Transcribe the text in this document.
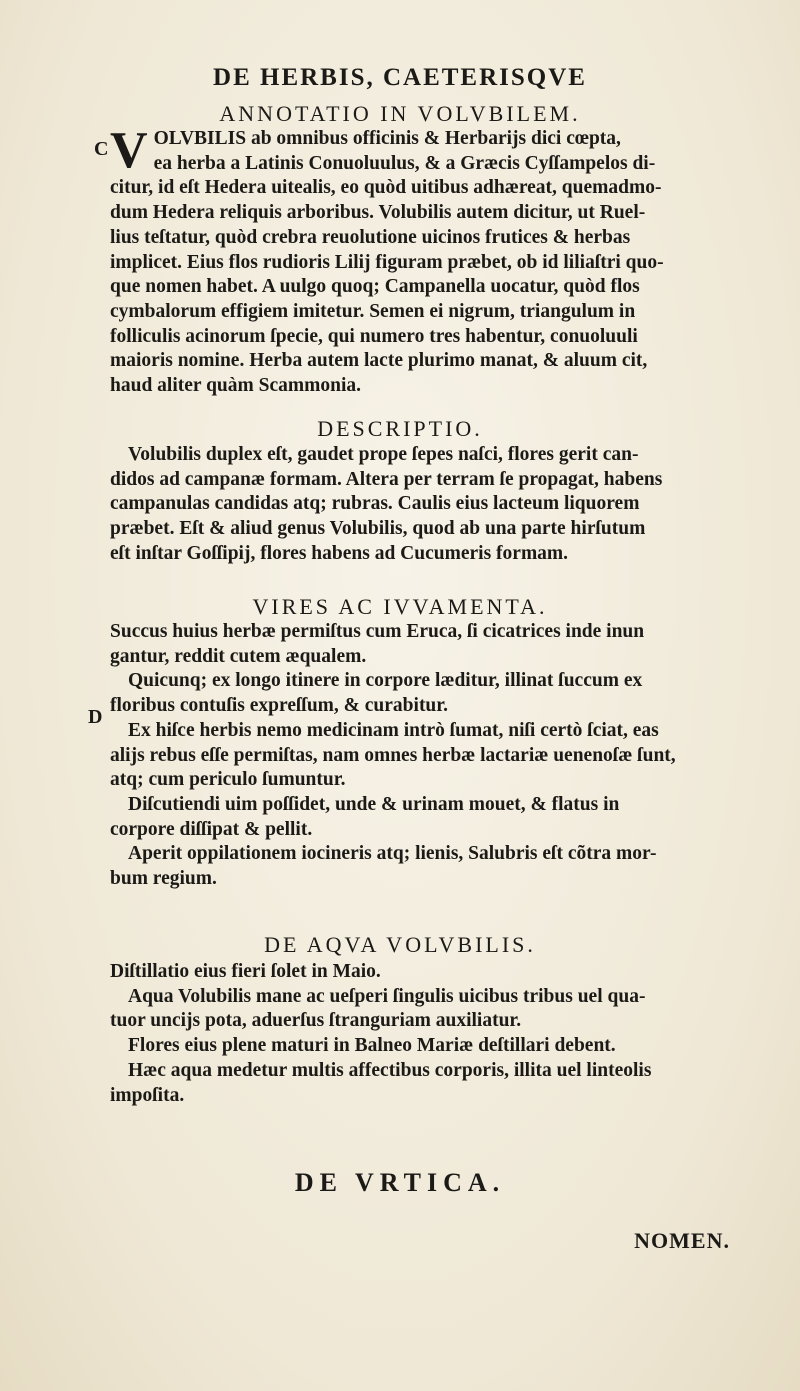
DE HERBIS, CAETERISQVE
ANNOTATIO IN VOLVBILEM.
C V OLVBILIS ab omnibus officinis & Herbarijs dici cœpta,
ea herba a Latinis Conuoluulus, & a Græcis Cyſſampelos di-
citur, id eſt Hedera uitealis, eo quòd uitibus adhæreat, quemadmo-
dum Hedera reliquis arboribus. Volubilis autem dicitur, ut Ruel-
lius teſtatur, quòd crebra reuolutione uicinos frutices & herbas
implicet. Eius flos rudioris Lilij figuram præbet, ob id liliaſtri quo-
que nomen habet. A uulgo quoq; Campanella uocatur, quòd flos
cymbalorum effigiem imitetur. Semen ei nigrum, triangulum in
folliculis acinorum ſpecie, qui numero tres habentur, conuoluuli
maioris nomine. Herba autem lacte plurimo manat, & aluum cit,
haud aliter quàm Scammonia.
DESCRIPTIO.
Volubilis duplex eſt, gaudet prope ſepes naſci, flores gerit can-
didos ad campanæ formam. Altera per terram ſe propagat, habens
campanulas candidas atq; rubras. Caulis eius lacteum liquorem
præbet. Eſt & aliud genus Volubilis, quod ab una parte hirſutum
eſt inſtar Goſſipij, flores habens ad Cucumeris formam.
VIRES AC IVVAMENTA.
D
Succus huius herbæ permiſtus cum Eruca, ſi cicatrices inde inun
gantur, reddit cutem æqualem.
Quicunq; ex longo itinere in corpore læditur, illinat ſuccum ex
floribus contuſis expreſſum, & curabitur.
Ex hiſce herbis nemo medicinam intrò ſumat, niſi certò ſciat, eas
alijs rebus eſſe permiſtas, nam omnes herbæ lactariæ uenenoſæ ſunt,
atq; cum periculo ſumuntur.
Diſcutiendi uim poſſidet, unde & urinam mouet, & flatus in
corpore diſſipat & pellit.
Aperit oppilationem iocineris atq; lienis, Salubris eſt cõtra mor-
bum regium.
DE AQVA VOLVBILIS.
Diſtillatio eius fieri ſolet in Maio.
Aqua Volubilis mane ac ueſperi ſingulis uicibus tribus uel qua-
tuor uncijs pota, aduerſus ſtranguriam auxiliatur.
Flores eius plene maturi in Balneo Mariæ deſtillari debent.
Hæc aqua medetur multis affectibus corporis, illita uel linteolis
impoſita.
DE VRTICA.
NOMEN.
